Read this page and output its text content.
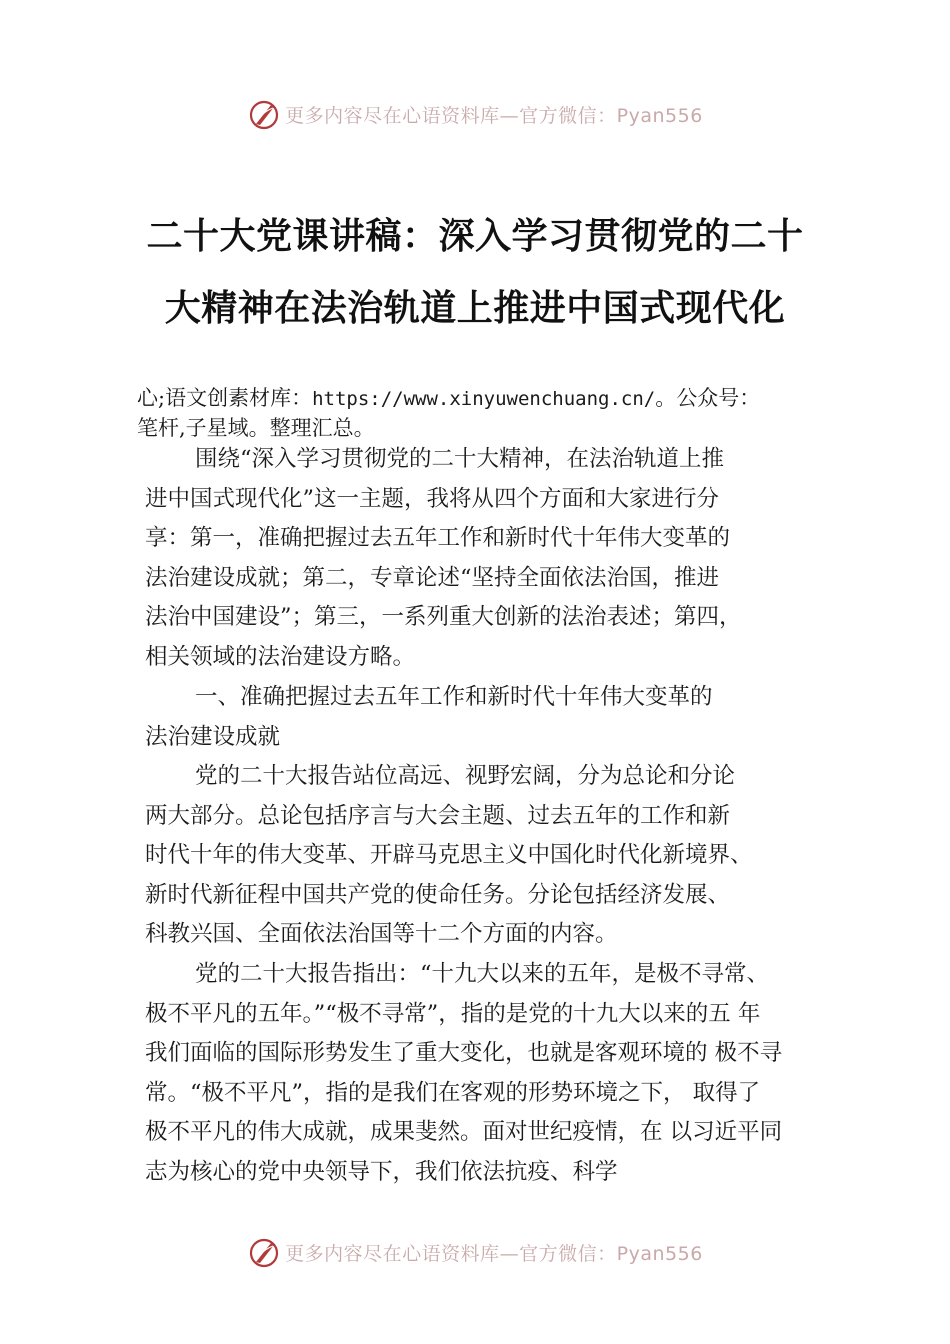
更多内容尽在心语资料库—官方微信：Pyan556
二十大党课讲稿：深入学习贯彻党的二十
大精神在法治轨道上推进中国式现代化
心;语文创素材库：https://www.xinyuwenchuang.cn/。公众号：
笔杆,子星域。整理汇总。
围绕“深入学习贯彻党的二十大精神，在法治轨道上推
进中国式现代化”这一主题，我将从四个方面和大家进行分
享：第一，准确把握过去五年工作和新时代十年伟大变革的
法治建设成就；第二，专章论述“坚持全面依法治国，推进
法治中国建设”；第三，一系列重大创新的法治表述；第四，
相关领域的法治建设方略。
一、准确把握过去五年工作和新时代十年伟大变革的
法治建设成就
党的二十大报告站位高远、视野宏阔，分为总论和分论
两大部分。总论包括序言与大会主题、过去五年的工作和新
时代十年的伟大变革、开辟马克思主义中国化时代化新境界、
新时代新征程中国共产党的使命任务。分论包括经济发展、
科教兴国、全面依法治国等十二个方面的内容。
党的二十大报告指出：“十九大以来的五年，是极不寻常、
极不平凡的五年。”“极不寻常”，指的是党的十九大以来的五 年
我们面临的国际形势发生了重大变化，也就是客观环境的 极不寻
常。“极不平凡”，指的是我们在客观的形势环境之下， 取得了
极不平凡的伟大成就，成果斐然。面对世纪疫情，在 以习近平同
志为核心的党中央领导下，我们依法抗疫、科学
更多内容尽在心语资料库—官方微信：Pyan556
